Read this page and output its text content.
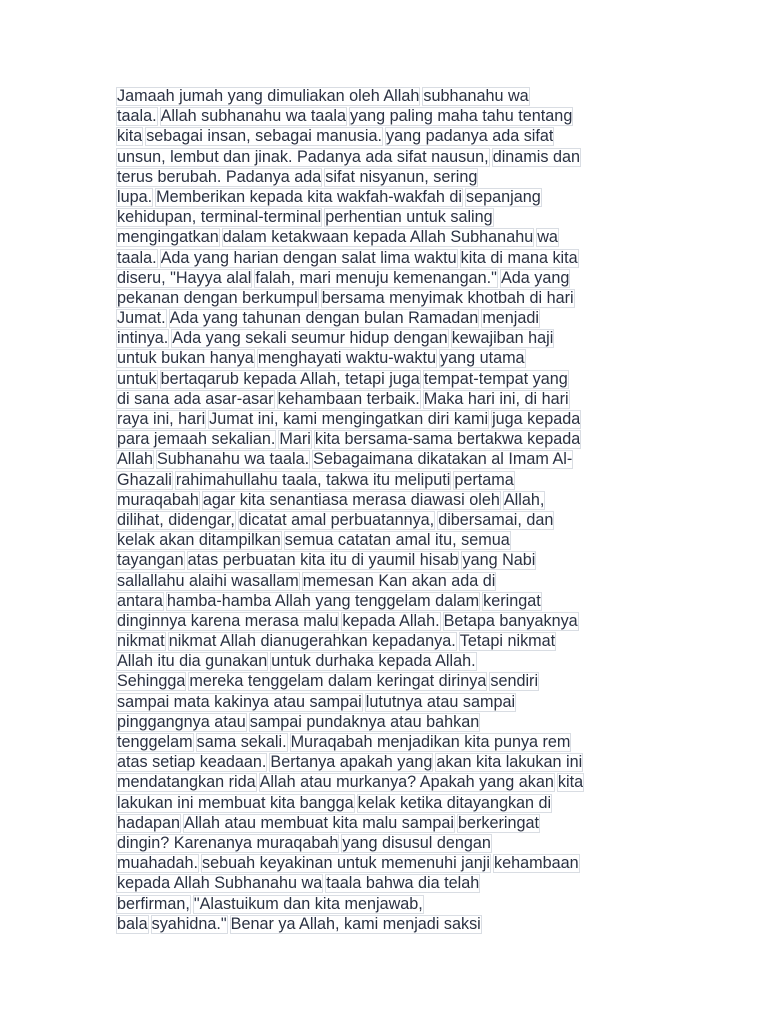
Jamaah jumah yang dimuliakan oleh Allah subhanahu wa
taala. Allah subhanahu wa taala yang paling maha tahu tentang
kita sebagai insan, sebagai manusia. yang padanya ada sifat
unsun, lembut dan jinak. Padanya ada sifat nausun, dinamis dan
terus berubah. Padanya ada sifat nisyanun, sering
lupa. Memberikan kepada kita wakfah-wakfah di sepanjang
kehidupan, terminal-terminal perhentian untuk saling
mengingatkan dalam ketakwaan kepada Allah Subhanahu wa
taala. Ada yang harian dengan salat lima waktu kita di mana kita
diseru, "Hayya alal falah, mari menuju kemenangan." Ada yang
pekanan dengan berkumpul bersama menyimak khotbah di hari
Jumat. Ada yang tahunan dengan bulan Ramadan menjadi
intinya. Ada yang sekali seumur hidup dengan kewajiban haji
untuk bukan hanya menghayati waktu-waktu yang utama
untuk bertaqarub kepada Allah, tetapi juga tempat-tempat yang
di sana ada asar-asar kehambaan terbaik. Maka hari ini, di hari
raya ini, hari Jumat ini, kami mengingatkan diri kami juga kepada
para jemaah sekalian. Mari kita bersama-sama bertakwa kepada
Allah Subhanahu wa taala. Sebagaimana dikatakan al Imam Al-
Ghazali rahimahullahu taala, takwa itu meliputi pertama
muraqabah agar kita senantiasa merasa diawasi oleh Allah,
dilihat, didengar, dicatat amal perbuatannya, dibersamai, dan
kelak akan ditampilkan semua catatan amal itu, semua
tayangan atas perbuatan kita itu di yaumil hisab yang Nabi
sallallahu alaihi wasallam memesan Kan akan ada di
antara hamba-hamba Allah yang tenggelam dalam keringat
dinginnya karena merasa malu kepada Allah. Betapa banyaknya
nikmat nikmat Allah dianugerahkan kepadanya. Tetapi nikmat
Allah itu dia gunakan untuk durhaka kepada Allah.
Sehingga mereka tenggelam dalam keringat dirinya sendiri
sampai mata kakinya atau sampai lututnya atau sampai
pinggangnya atau sampai pundaknya atau bahkan
tenggelam sama sekali. Muraqabah menjadikan kita punya rem
atas setiap keadaan. Bertanya apakah yang akan kita lakukan ini
mendatangkan rida Allah atau murkanya? Apakah yang akan kita
lakukan ini membuat kita bangga kelak ketika ditayangkan di
hadapan Allah atau membuat kita malu sampai berkeringat
dingin? Karenanya muraqabah yang disusul dengan
muahadah. sebuah keyakinan untuk memenuhi janji kehambaan
kepada Allah Subhanahu wa taala bahwa dia telah
berfirman, "Alastuikum dan kita menjawab,
bala syahidna." Benar ya Allah, kami menjadi saksi
